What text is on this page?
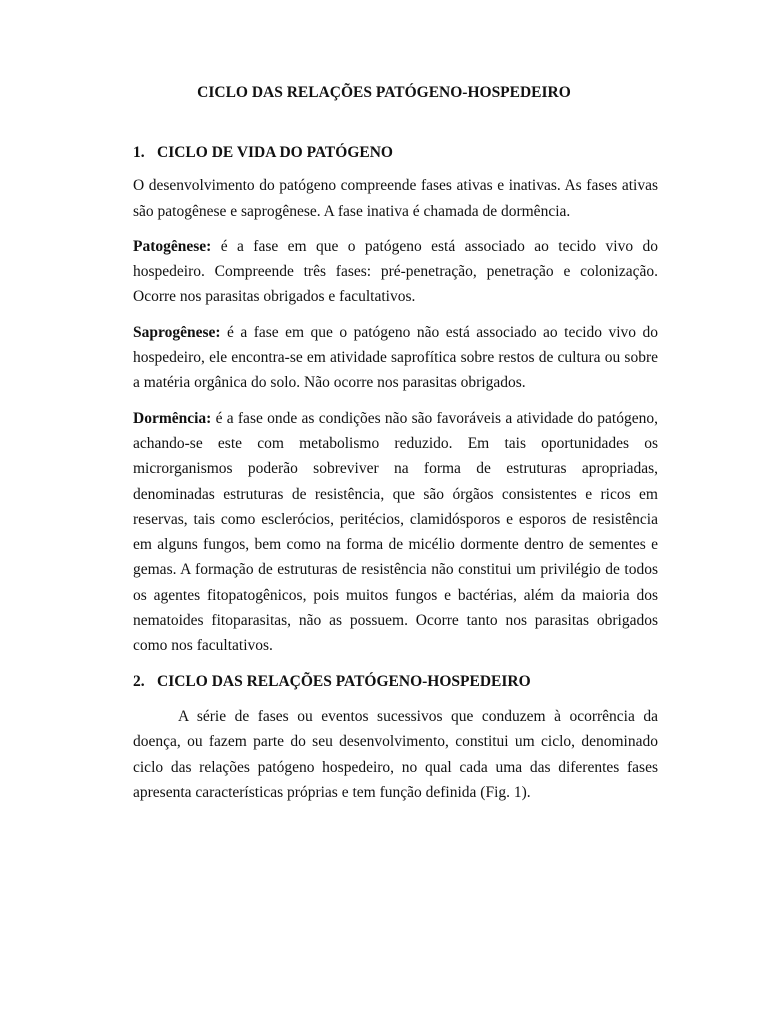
CICLO DAS RELAÇÕES PATÓGENO-HOSPEDEIRO
1. CICLO DE VIDA DO PATÓGENO

O desenvolvimento do patógeno compreende fases ativas e inativas. As fases ativas são patogênese e saprogênese. A fase inativa é chamada de dormência.

Patogênese: é a fase em que o patógeno está associado ao tecido vivo do hospedeiro. Compreende três fases: pré-penetração, penetração e colonização. Ocorre nos parasitas obrigados e facultativos.

Saprogênese: é a fase em que o patógeno não está associado ao tecido vivo do hospedeiro, ele encontra-se em atividade saprofítica sobre restos de cultura ou sobre a matéria orgânica do solo. Não ocorre nos parasitas obrigados.

Dormência: é a fase onde as condições não são favoráveis a atividade do patógeno, achando-se este com metabolismo reduzido. Em tais oportunidades os microrganismos poderão sobreviver na forma de estruturas apropriadas, denominadas estruturas de resistência, que são órgãos consistentes e ricos em reservas, tais como esclerócios, peritécios, clamidósporos e esporos de resistência em alguns fungos, bem como na forma de micélio dormente dentro de sementes e gemas. A formação de estruturas de resistência não constitui um privilégio de todos os agentes fitopatogênicos, pois muitos fungos e bactérias, além da maioria dos nematoides fitoparasitas, não as possuem. Ocorre tanto nos parasitas obrigados como nos facultativos.

2. CICLO DAS RELAÇÕES PATÓGENO-HOSPEDEIRO

A série de fases ou eventos sucessivos que conduzem à ocorrência da doença, ou fazem parte do seu desenvolvimento, constitui um ciclo, denominado ciclo das relações patógeno hospedeiro, no qual cada uma das diferentes fases apresenta características próprias e tem função definida (Fig. 1).
